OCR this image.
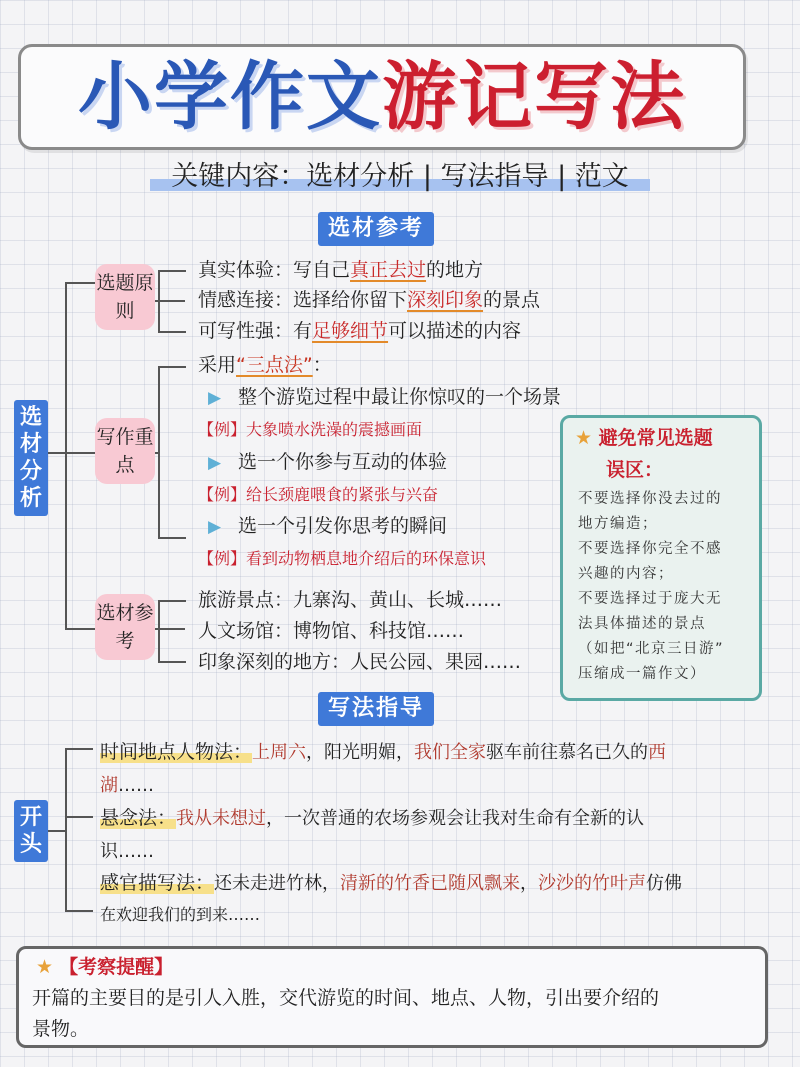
小学作文 游记写法
关键内容：选材分析 | 写法指导 | 范文
选材参考
选材分析
选题原则
真实体验：写自己真正去过的地方
情感连接：选择给你留下深刻印象的景点
可写性强：有足够细节可以描述的内容
写作重点
采用“三点法”：
▶ 整个游览过程中最让你惊叹的一个场景
【例】大象喷水洗澡的震撼画面
▶ 选一个你参与互动的体验
【例】给长颈鹿喂食的紧张与兴奋
▶ 选一个引发你思考的瞬间
【例】看到动物栖息地介绍后的环保意识
选材参考
旅游景点：九寨沟、黄山、长城……
人文场馆：博物馆、科技馆……
印象深刻的地方：人民公园、果园……
★ 避免常见选题
误区：
不要选择你没去过的
地方编造；
不要选择你完全不感
兴趣的内容；
不要选择过于庞大无
法具体描述的景点
（如把“北京三日游”
压缩成一篇作文）
写法指导
开头
时间地点人物法：上周六，阳光明媚，我们全家驱车前往慕名已久的西
湖……
悬念法：我从未想过，一次普通的农场参观会让我对生命有全新的认
识……
感官描写法：还未走进竹林，清新的竹香已随风飘来，沙沙的竹叶声仿佛
在欢迎我们的到来……
★ 【考察提醒】
开篇的主要目的是引人入胜，交代游览的时间、地点、人物，引出要介绍的
景物。
